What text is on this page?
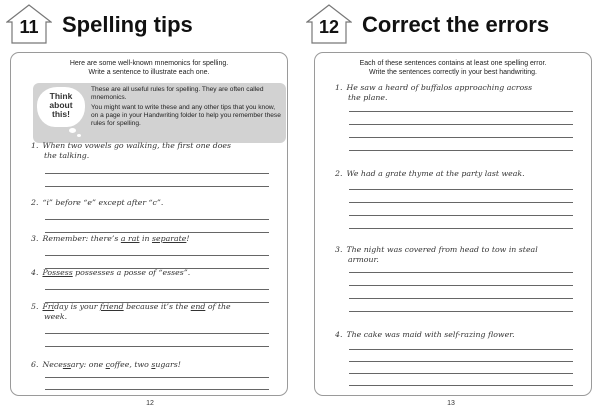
11	Spelling tips	12	Correct the errors
Here are some well-known mnemonics for spelling.
Write a sentence to illustrate each one.
Think
about
this!

These are all useful rules for spelling. They are often called mnemonics.

You might want to write these and any other tips that you know, on a page in your Handwriting folder to help you remember these rules for spelling.

1. When two vowels go walking, the first one does
the talking.
2. “i” before “e” except after “c”.
3. Remember: there’s a rat in separate!
4. Possess possesses a posse of “esses”.
5. Friday is your friend because it’s the end of the
week.
6. Necessary: one coffee, two sugars!
Each of these sentences contains at least one spelling error.
Write the sentences correctly in your best handwriting.
1. He saw a heard of buffalos approaching across
the plane.
2. We had a grate thyme at the party last weak.
3. The night was covered from head to tow in steal
armour.
4. The cake was maid with self-razing flower.
12	13
